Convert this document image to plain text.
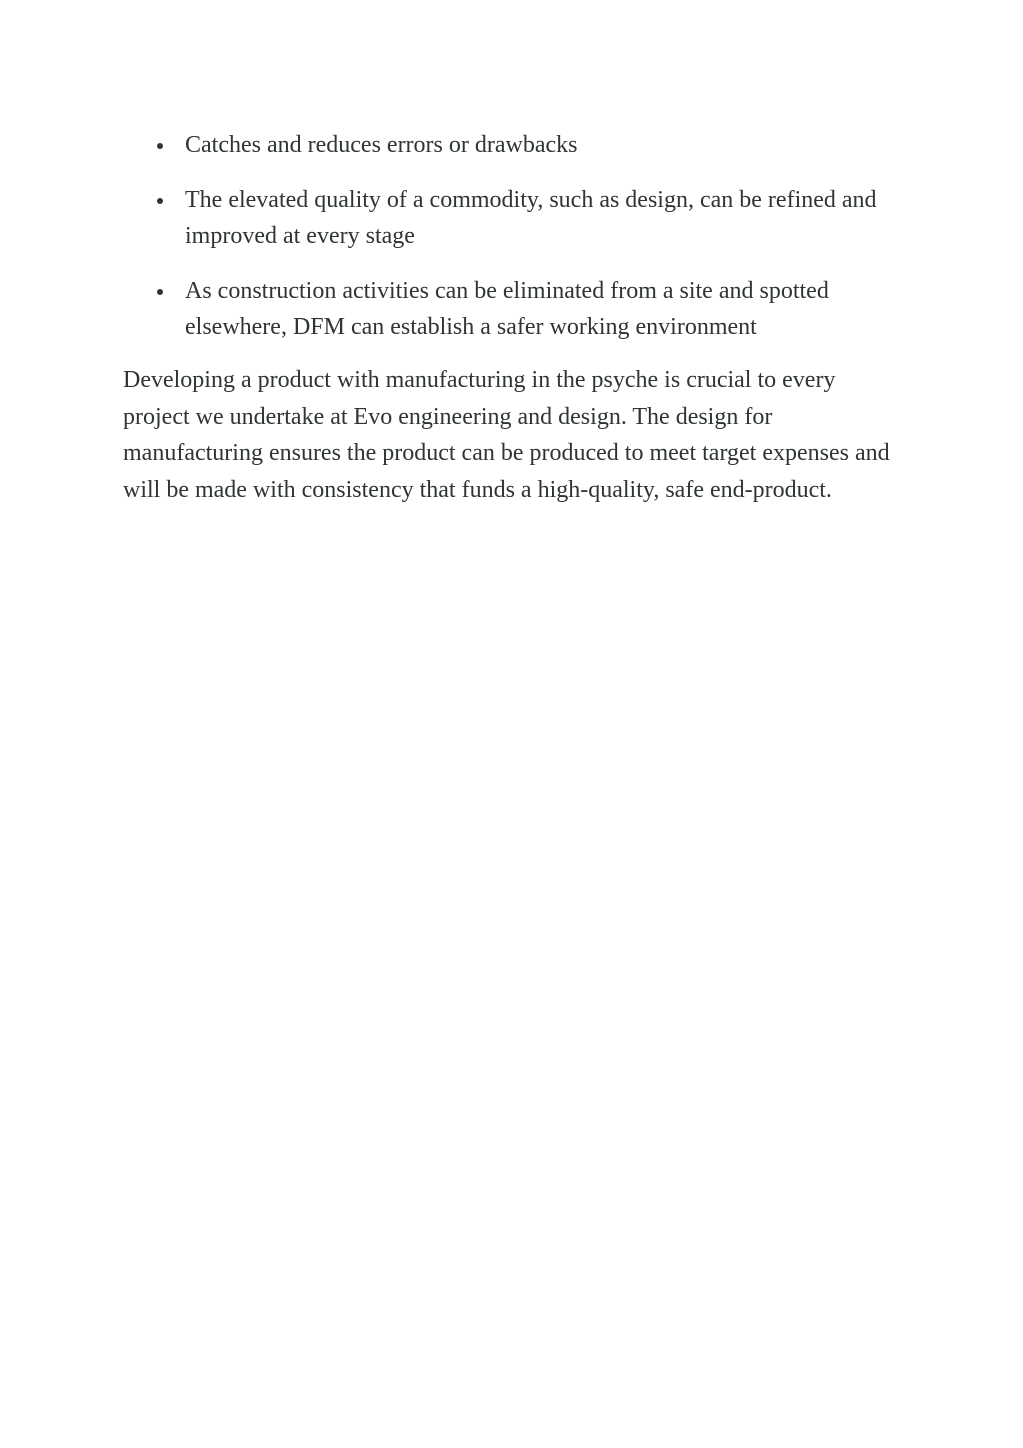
Catches and reduces errors or drawbacks
The elevated quality of a commodity, such as design, can be refined and improved at every stage
As construction activities can be eliminated from a site and spotted elsewhere, DFM can establish a safer working environment

Developing a product with manufacturing in the psyche is crucial to every project we undertake at Evo engineering and design. The design for manufacturing ensures the product can be produced to meet target expenses and will be made with consistency that funds a high-quality, safe end-product.
